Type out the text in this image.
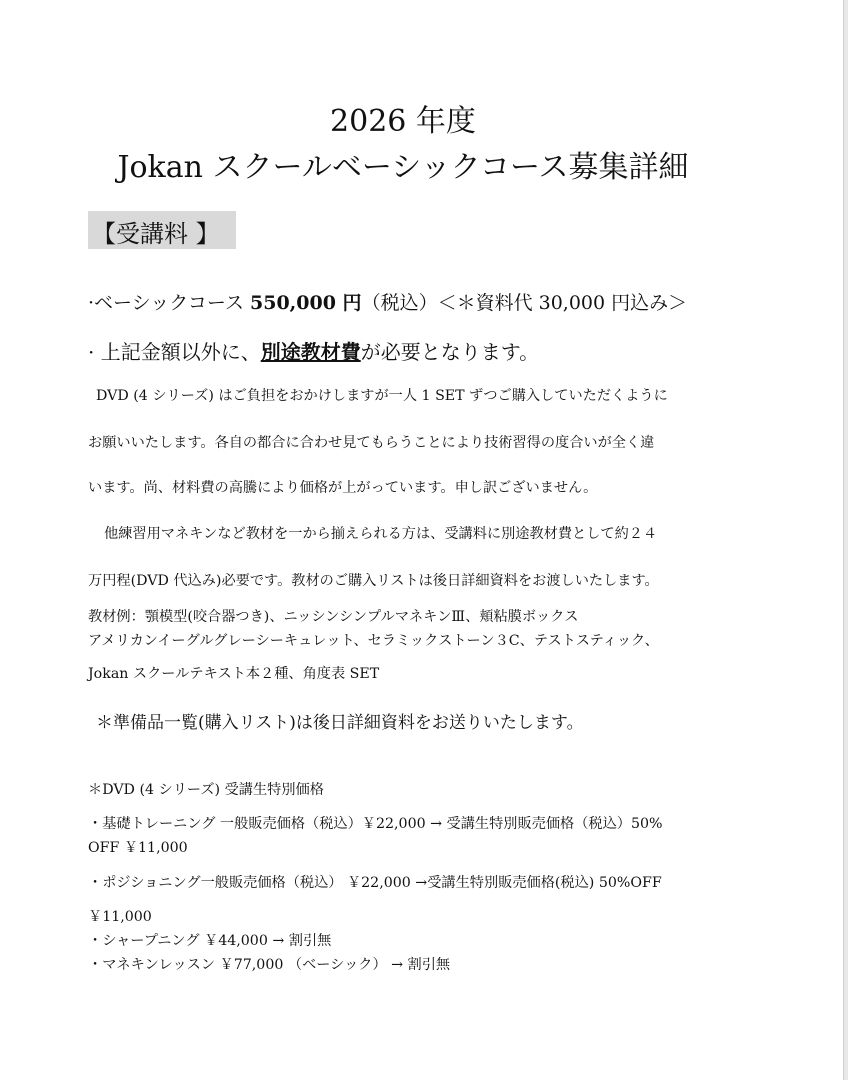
2026 年度
Jokan スクールベーシックコース募集詳細
【受講料 】
·ベーシックコース 550,000 円（税込）＜＊資料代 30,000 円込み＞
· 上記金額以外に、別途教材費が必要となります。
DVD (4 シリーズ) はご負担をおかけしますが一人 1 SET ずつご購入していただくように
お願いいたします。各自の都合に合わせ見てもらうことにより技術習得の度合いが全く違
います。尚、材料費の高騰により価格が上がっています。申し訳ございません。
他練習用マネキンなど教材を一から揃えられる方は、受講料に別途教材費として約２４
万円程(DVD 代込み)必要です。教材のご購入リストは後日詳細資料をお渡しいたします。
教材例：顎模型(咬合器つき)、ニッシンシンプルマネキンⅢ、頬粘膜ボックス
アメリカンイーグルグレーシーキュレット、セラミックストーン３C、テストスティック、
Jokan スクールテキスト本２種、角度表 SET
＊準備品一覧(購入リスト)は後日詳細資料をお送りいたします。
＊DVD (4 シリーズ) 受講生特別価格
・基礎トレーニング 一般販売価格（税込）￥22,000 → 受講生特別販売価格（税込）50%
OFF ￥11,000
・ポジショニング一般販売価格（税込） ￥22,000 →受講生特別販売価格(税込) 50%OFF
￥11,000
・シャープニング ￥44,000 → 割引無
・マネキンレッスン ￥77,000 （ベーシック） → 割引無
